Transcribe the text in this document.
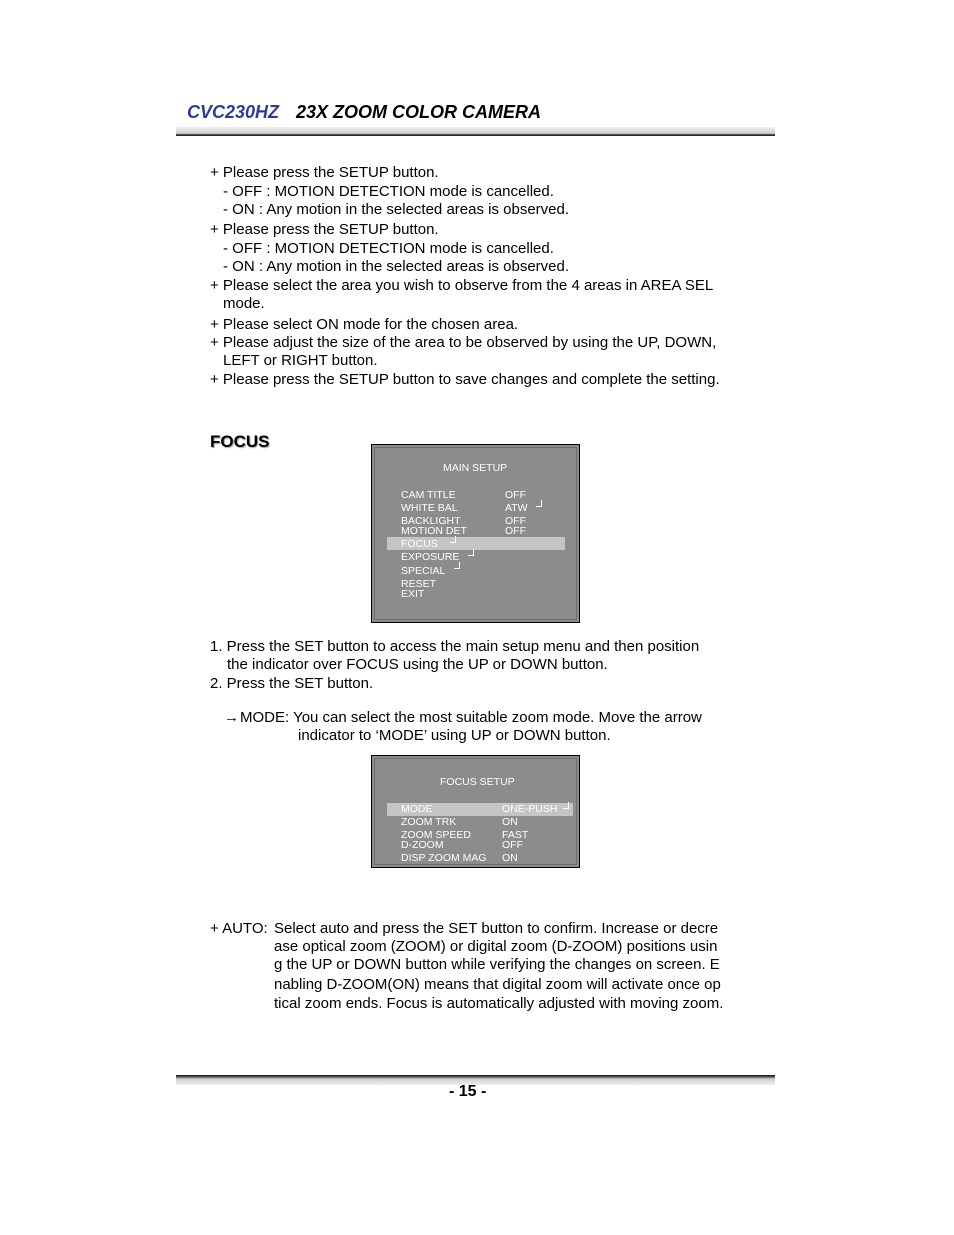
CVC230HZ 23X ZOOM COLOR CAMERA
+ Please press the SETUP button.
- OFF : MOTION DETECTION mode is cancelled.
- ON : Any motion in the selected areas is observed.
+ Please press the SETUP button.
- OFF : MOTION DETECTION mode is cancelled.
- ON : Any motion in the selected areas is observed.
+ Please select the area you wish to observe from the 4 areas in AREA SEL
mode.
+ Please select ON mode for the chosen area.
+ Please adjust the size of the area to be observed by using the UP, DOWN,
LEFT or RIGHT button.
+ Please press the SETUP button to save changes and complete the setting.
FOCUS
MAIN SETUP
CAM TITLE	OFF
WHITE BAL	ATW
BACKLIGHT	OFF
MOTION DET	OFF
FOCUS
EXPOSURE
SPECIAL
RESET
EXIT
1. Press the SET button to access the main setup menu and then position
the indicator over FOCUS using the UP or DOWN button.
2. Press the SET button.
→ MODE: You can select the most suitable zoom mode. Move the arrow
indicator to ‘MODE’ using UP or DOWN button.
FOCUS SETUP
MODE	ONE-PUSH
ZOOM TRK	ON
ZOOM SPEED	FAST
D-ZOOM	OFF
DISP ZOOM MAG ON
+ AUTO: Select auto and press the SET button to confirm. Increase or decre
ase optical zoom (ZOOM) or digital zoom (D-ZOOM) positions usin
g the UP or DOWN button while verifying the changes on screen. E
nabling D-ZOOM(ON) means that digital zoom will activate once op
tical zoom ends. Focus is automatically adjusted with moving zoom.
- 15 -
